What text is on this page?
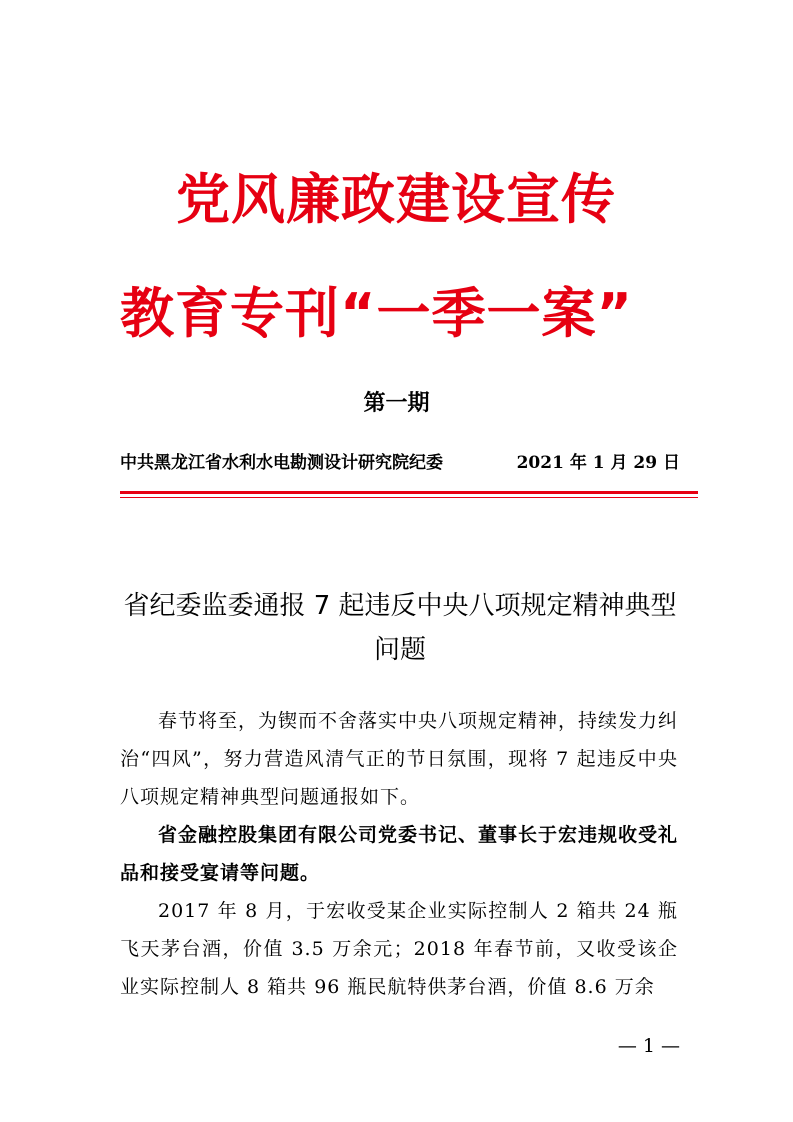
党风廉政建设宣传
教育专刊“一季一案”
第一期
中共黑龙江省水利水电勘测设计研究院纪委	2021 年 1 月 29 日
省纪委监委通报 7 起违反中央八项规定精神典型问题

春节将至，为锲而不舍落实中央八项规定精神，持续发力纠治“四风”，努力营造风清气正的节日氛围，现将 7 起违反中央八项规定精神典型问题通报如下。

省金融控股集团有限公司党委书记、董事长于宏违规收受礼品和接受宴请等问题。

2017 年 8 月，于宏收受某企业实际控制人 2 箱共 24 瓶飞天茅台酒，价值 3.5 万余元；2018 年春节前，又收受该企业实际控制人 8 箱共 96 瓶民航特供茅台酒，价值 8.6 万余

— 1 —
